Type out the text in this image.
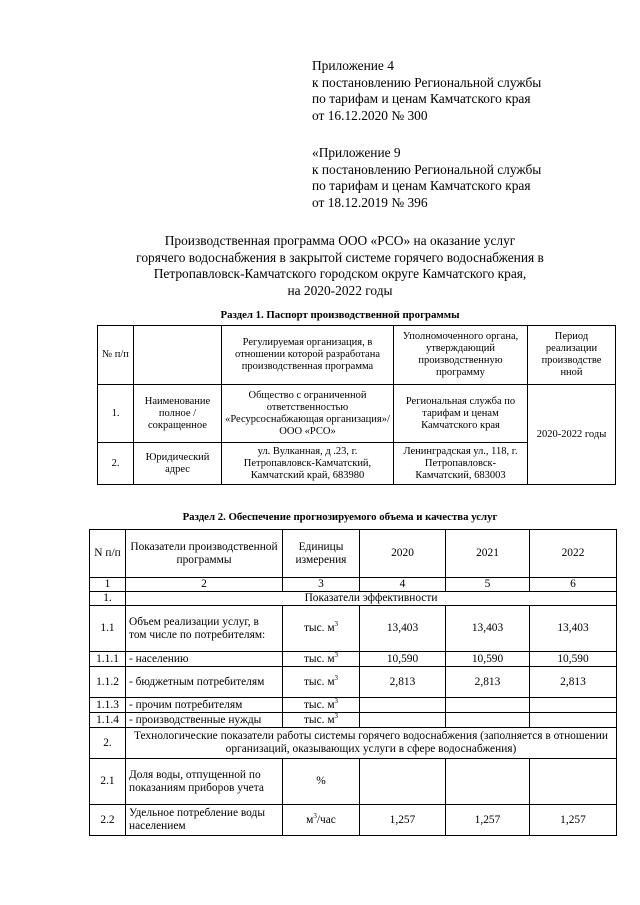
Приложение 4
к постановлению Региональной службы
по тарифам и ценам Камчатского края
от 16.12.2020 № 300
«Приложение 9
к постановлению Региональной службы
по тарифам и ценам Камчатского края
от 18.12.2019 № 396
Производственная программа ООО «РСО» на оказание услуг
горячего водоснабжения в закрытой системе горячего водоснабжения в
Петропавловск-Камчатского городском округе Камчатского края,
на 2020-2022 годы
Раздел 1. Паспорт производственной программы
№ п/п		Регулируемая организация, в отношении которой разработана производственная программа	Уполномоченного органа, утверждающий производственную программу	Период реализации производстве нной
1.	Наименование полное / сокращенное	Общество с ограниченной ответственностью «Ресурсоснабжающая организация»/ООО «РСО»	Региональная служба по тарифам и ценам Камчатского края	2020-2022 годы
2.	Юридический адрес	ул. Вулканная, д .23, г. Петропавловск-Камчатский, Камчатский край, 683980	Ленинградская ул., 118, г. Петропавловск-Камчатский, 683003	
Раздел 2. Обеспечение прогнозируемого объема и качества услуг
N п/п	Показатели производственной программы	Единицы измерения	2020	2021	2022
1	2	3	4	5	6
1.	Показатели эффективности				
1.1	Объем реализации услуг, в том числе по потребителям:	тыс. $м^3$	13,403	13,403	13,403
1.1.1	- населению	тыс. $м^3$	10,590	10,590	10,590
1.1.2	- бюджетным потребителям	тыс. $м^3$	2,813	2,813	2,813
1.1.3	- прочим потребителям	тыс. $м^3$			
1.1.4	- производственные нужды	тыс. $м^3$			
2.	Технологические показатели работы системы горячего водоснабжения (заполняется в отношении организаций, оказывающих услуги в сфере водоснабжения)				
2.1	Доля воды, отпущенной по показаниям приборов учета	%			
2.2	Удельное потребление воды населением	$м^3$/час	1,257	1,257	1,257
